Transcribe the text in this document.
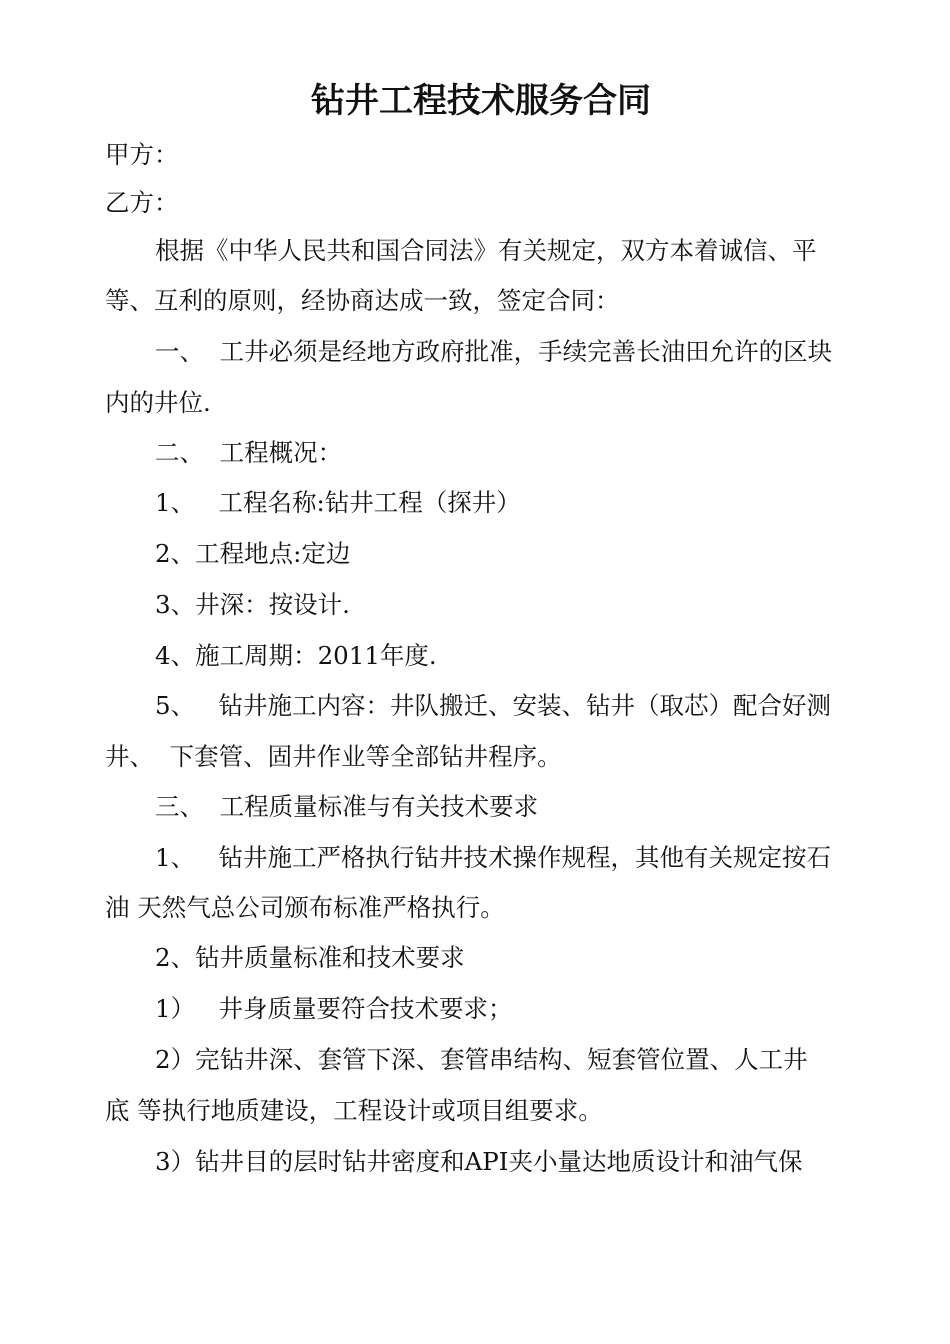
钻井工程技术服务合同

甲方：

乙方：

根据《中华人民共和国合同法》有关规定，双方本着诚信、平

等、互利的原则，经协商达成一致，签定合同：

一、  工井必须是经地方政府批准，手续完善长油田允许的区块

内的井位.

二、  工程概况：

1、   工程名称:钻井工程（探井）

2、工程地点:定边

3、井深：按设计.

4、施工周期：2011年度.

5、   钻井施工内容：井队搬迁、安装、钻井（取芯）配合好测

井、  下套管、固井作业等全部钻井程序。

三、  工程质量标准与有关技术要求

1、   钻井施工严格执行钻井技术操作规程，其他有关规定按石

油 天然气总公司颁布标准严格执行。

2、钻井质量标准和技术要求

1）   井身质量要符合技术要求；

2）完钻井深、套管下深、套管串结构、短套管位置、人工井

底 等执行地质建设，工程设计或项目组要求。

3）钻井目的层时钻井密度和API夹小量达地质设计和油气保
